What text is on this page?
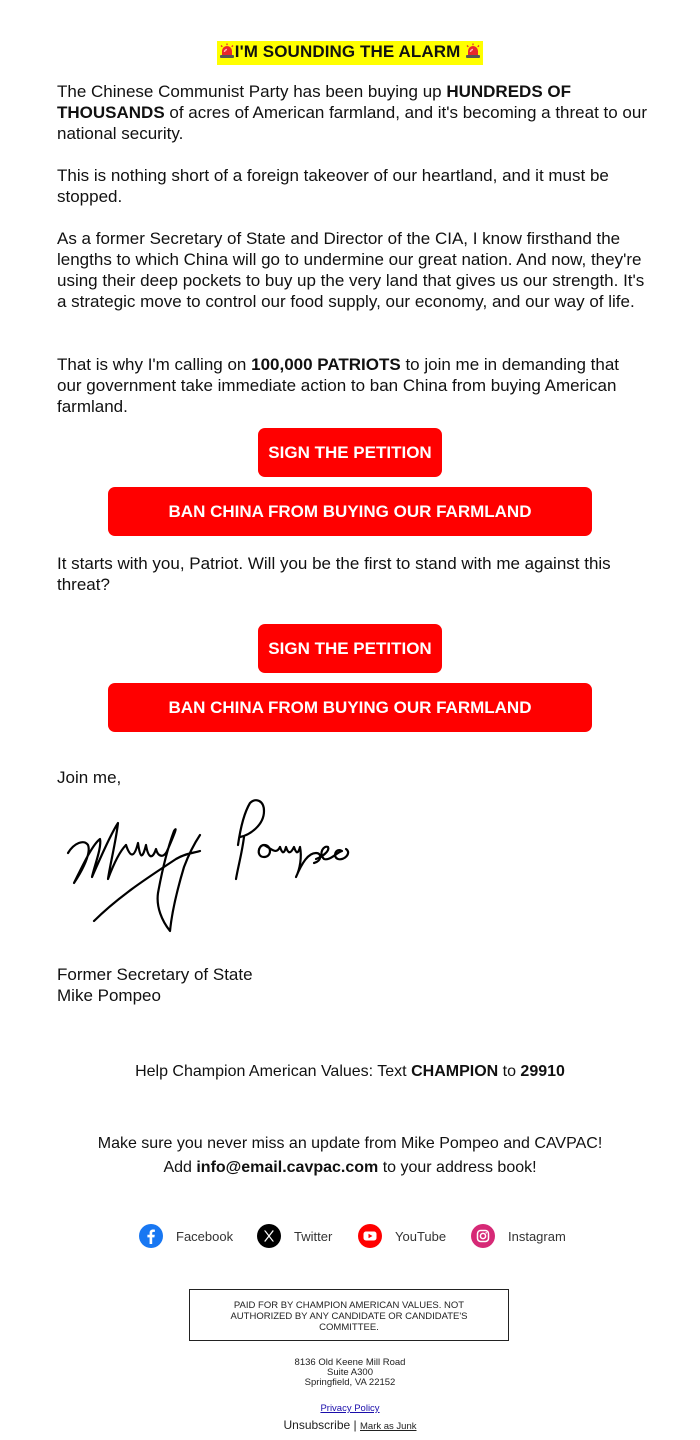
I'M SOUNDING THE ALARM

The Chinese Communist Party has been buying up HUNDREDS OF THOUSANDS of acres of American farmland, and it's becoming a threat to our national security.

This is nothing short of a foreign takeover of our heartland, and it must be stopped.

As a former Secretary of State and Director of the CIA, I know firsthand the lengths to which China will go to undermine our great nation. And now, they're using their deep pockets to buy up the very land that gives us our strength. It's a strategic move to control our food supply, our economy, and our way of life.

That is why I'm calling on 100,000 PATRIOTS to join me in demanding that our government take immediate action to ban China from buying American farmland.

SIGN THE PETITION
BAN CHINA FROM BUYING OUR FARMLAND

It starts with you, Patriot. Will you be the first to stand with me against this threat?

SIGN THE PETITION
BAN CHINA FROM BUYING OUR FARMLAND

Join me,

Former Secretary of State

Mike Pompeo

Help Champion American Values: Text CHAMPION to 29910
Make sure you never miss an update from Mike Pompeo and CAVPAC!
Add info@email.cavpac.com to your address book!
Facebook	Twitter	YouTube	Instagram
PAID FOR BY CHAMPION AMERICAN VALUES. NOT AUTHORIZED BY ANY CANDIDATE OR CANDIDATE'S COMMITTEE.
8136 Old Keene Mill Road
Suite A300
Springfield, VA 22152
Privacy Policy
Unsubscribe | Mark as Junk
